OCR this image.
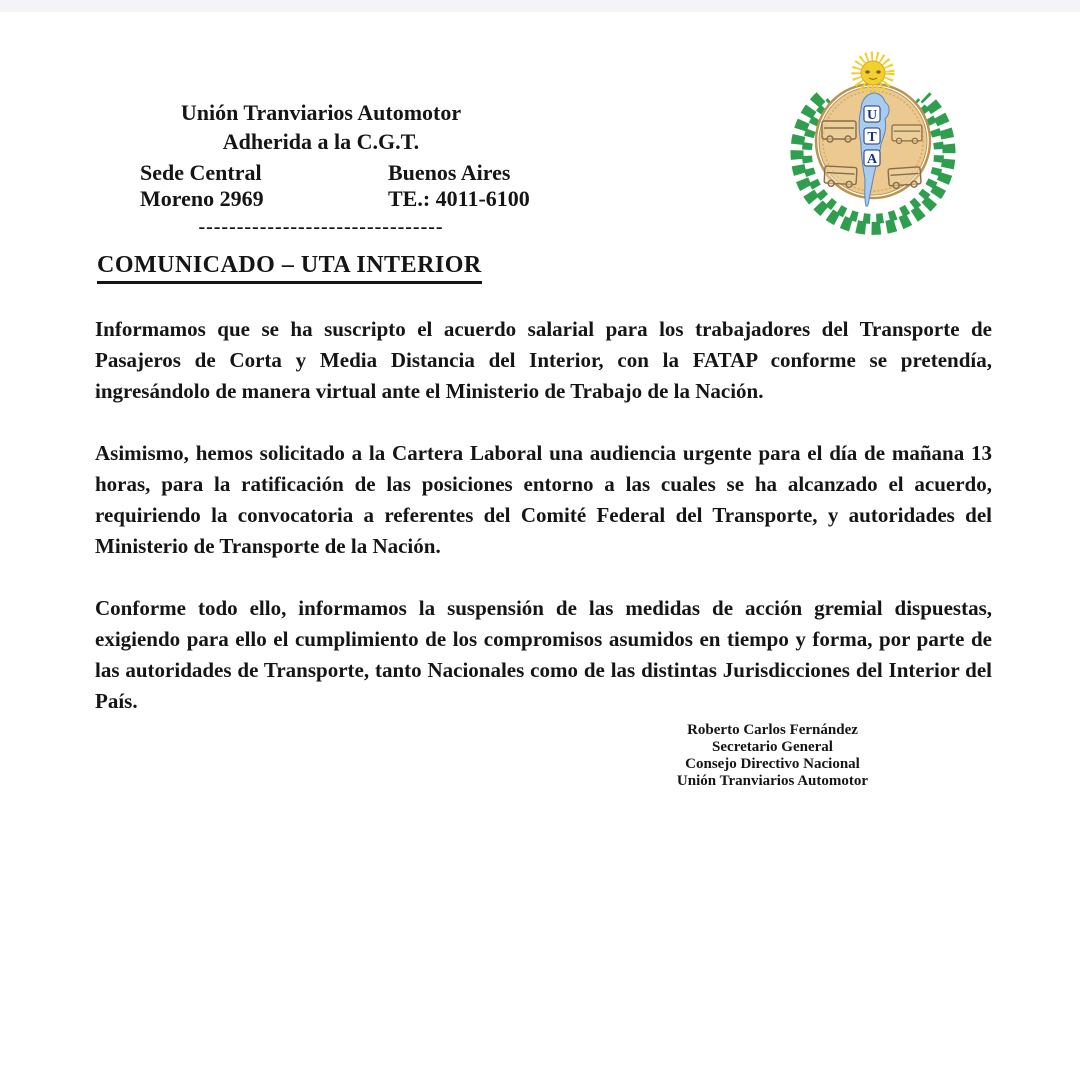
Unión Tranviarios Automotor
Adherida a la C.G.T.
Sede Central	Buenos Aires
Moreno 2969	TE.: 4011-6100
--------------------------------
U
T
A
COMUNICADO – UTA INTERIOR

Informamos que se ha suscripto el acuerdo salarial para los trabajadores del Transporte de Pasajeros de Corta y Media Distancia del Interior, con la FATAP conforme se pretendía, ingresándolo de manera virtual ante el Ministerio de Trabajo de la Nación.

Asimismo, hemos solicitado a la Cartera Laboral una audiencia urgente para el día de mañana 13 horas, para la ratificación de las posiciones entorno a las cuales se ha alcanzado el acuerdo, requiriendo la convocatoria a referentes del Comité Federal del Transporte, y autoridades del Ministerio de Transporte de la Nación.

Conforme todo ello, informamos la suspensión de las medidas de acción gremial dispuestas, exigiendo para ello el cumplimiento de los compromisos asumidos en tiempo y forma, por parte de las autoridades de Transporte, tanto Nacionales como de las distintas Jurisdicciones del Interior del País.

Roberto Carlos Fernández
Secretario General
Consejo Directivo Nacional
Unión Tranviarios Automotor
